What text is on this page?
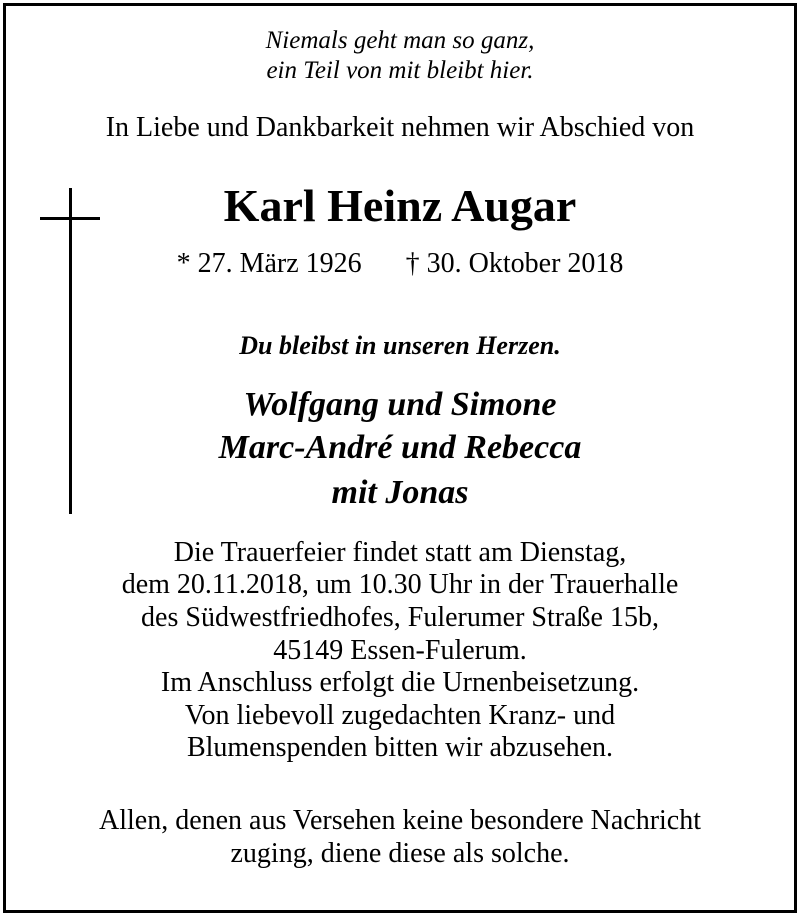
Niemals geht man so ganz,
ein Teil von mit bleibt hier.
In Liebe und Dankbarkeit nehmen wir Abschied von
Karl Heinz Augar
* 27. März 1926 † 30. Oktober 2018
Du bleibst in unseren Herzen.
Wolfgang und Simone
Marc-André und Rebecca
mit Jonas
Die Trauerfeier findet statt am Dienstag,
dem 20.11.2018, um 10.30 Uhr in der Trauerhalle
des Südwestfriedhofes, Fulerumer Straße 15b,
45149 Essen-Fulerum.
Im Anschluss erfolgt die Urnenbeisetzung.
Von liebevoll zugedachten Kranz- und
Blumenspenden bitten wir abzusehen.
Allen, denen aus Versehen keine besondere Nachricht
zuging, diene diese als solche.
